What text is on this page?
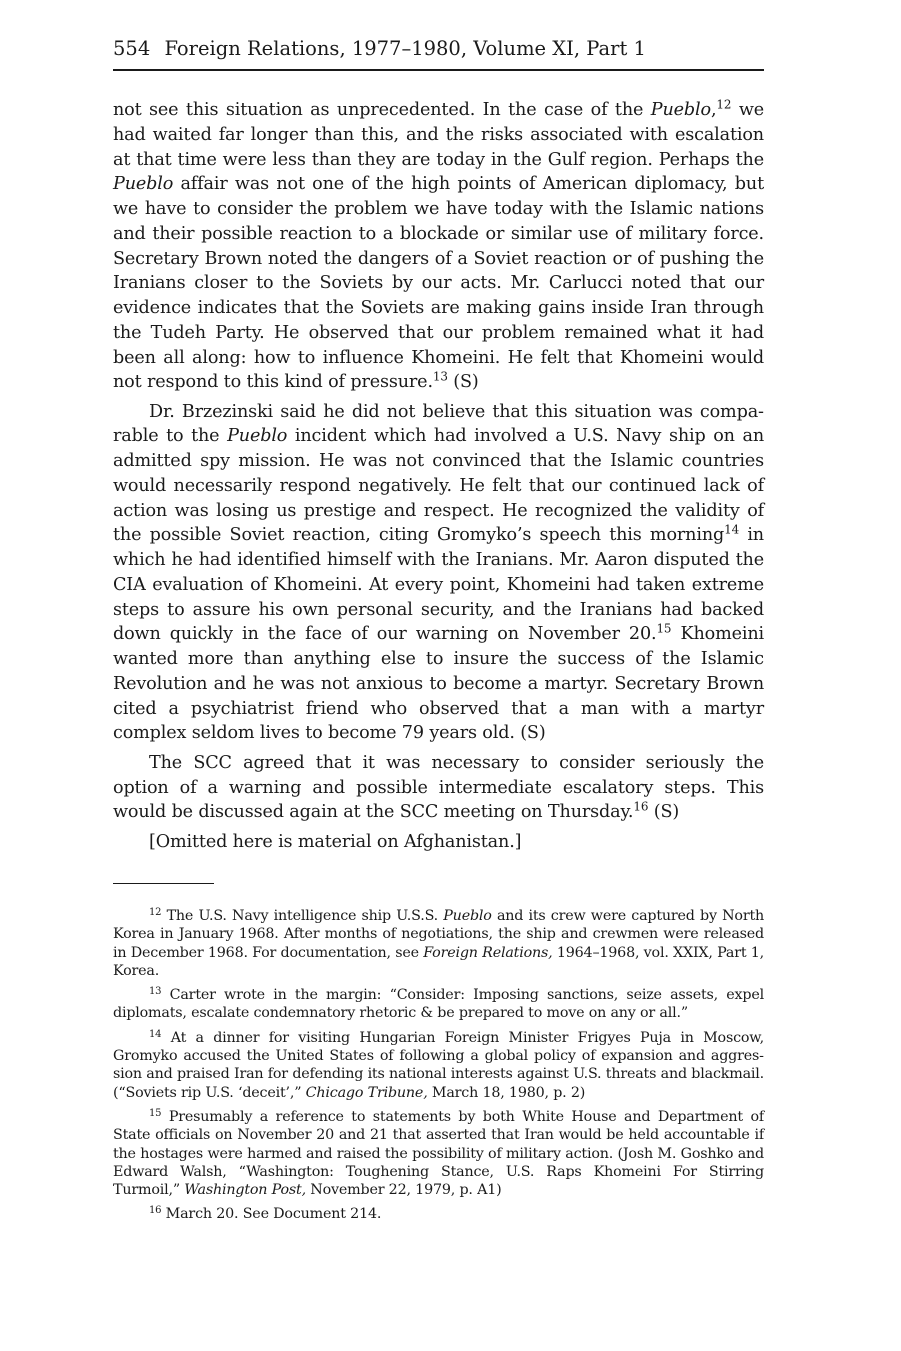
554 Foreign Relations, 1977–1980, Volume XI, Part 1

not see this situation as unprecedented. In the case of the Pueblo,$^{12}$ we had waited far longer than this, and the risks associated with escalation at that time were less than they are today in the Gulf region. Perhaps the Pueblo affair was not one of the high points of American diplomacy, but we have to consider the problem we have today with the Islamic nations and their possible reaction to a blockade or similar use of military force. Secretary Brown noted the dangers of a Soviet reaction or of pushing the Iranians closer to the Soviets by our acts. Mr. Carlucci noted that our evidence indicates that the Soviets are making gains inside Iran through the Tudeh Party. He observed that our problem remained what it had been all along: how to influence Khomeini. He felt that Khomeini would not respond to this kind of pressure.$^{13}$ (S)

Dr. Brzezinski said he did not believe that this situation was comparable to the Pueblo incident which had involved a U.S. Navy ship on an admitted spy mission. He was not convinced that the Islamic countries would necessarily respond negatively. He felt that our continued lack of action was losing us prestige and respect. He recognized the validity of the possible Soviet reaction, citing Gromyko’s speech this morning$^{14}$ in which he had identified himself with the Iranians. Mr. Aaron disputed the CIA evaluation of Khomeini. At every point, Khomeini had taken extreme steps to assure his own personal security, and the Iranians had backed down quickly in the face of our warning on November 20.15 Khomeini wanted more than anything else to insure the success of the Islamic Revolution and he was not anxious to become a martyr. Secretary Brown cited a psychiatrist friend who observed that a man with a martyr complex seldom lives to become 79 years old. (S)

The SCC agreed that it was necessary to consider seriously the option of a warning and possible intermediate escalatory steps. This would be discussed again at the SCC meeting on Thursday.$^{16}$ (S)

[Omitted here is material on Afghanistan.]

$^{12}$ The U.S. Navy intelligence ship U.S.S. Pueblo and its crew were captured by North Korea in January 1968. After months of negotiations, the ship and crewmen were released in December 1968. For documentation, see Foreign Relations, 1964–1968, vol. XXIX, Part 1, Korea.

$^{13}$ Carter wrote in the margin: “Consider: Imposing sanctions, seize assets, expel diplomats, escalate condemnatory rhetoric & be prepared to move on any or all.”

$^{14}$ At a dinner for visiting Hungarian Foreign Minister Frigyes Puja in Moscow, Gromyko accused the United States of following a global policy of expansion and aggression and praised Iran for defending its national interests against U.S. threats and blackmail. (“Soviets rip U.S. ‘deceit’,” Chicago Tribune, March 18, 1980, p. 2)

$^{15}$ Presumably a reference to statements by both White House and Department of State officials on November 20 and 21 that asserted that Iran would be held accountable if the hostages were harmed and raised the possibility of military action. (Josh M. Goshko and Edward Walsh, “Washington: Toughening Stance, U.S. Raps Khomeini For Stirring Turmoil,” Washington Post, November 22, 1979, p. A1)

$^{16}$ March 20. See Document 214.
